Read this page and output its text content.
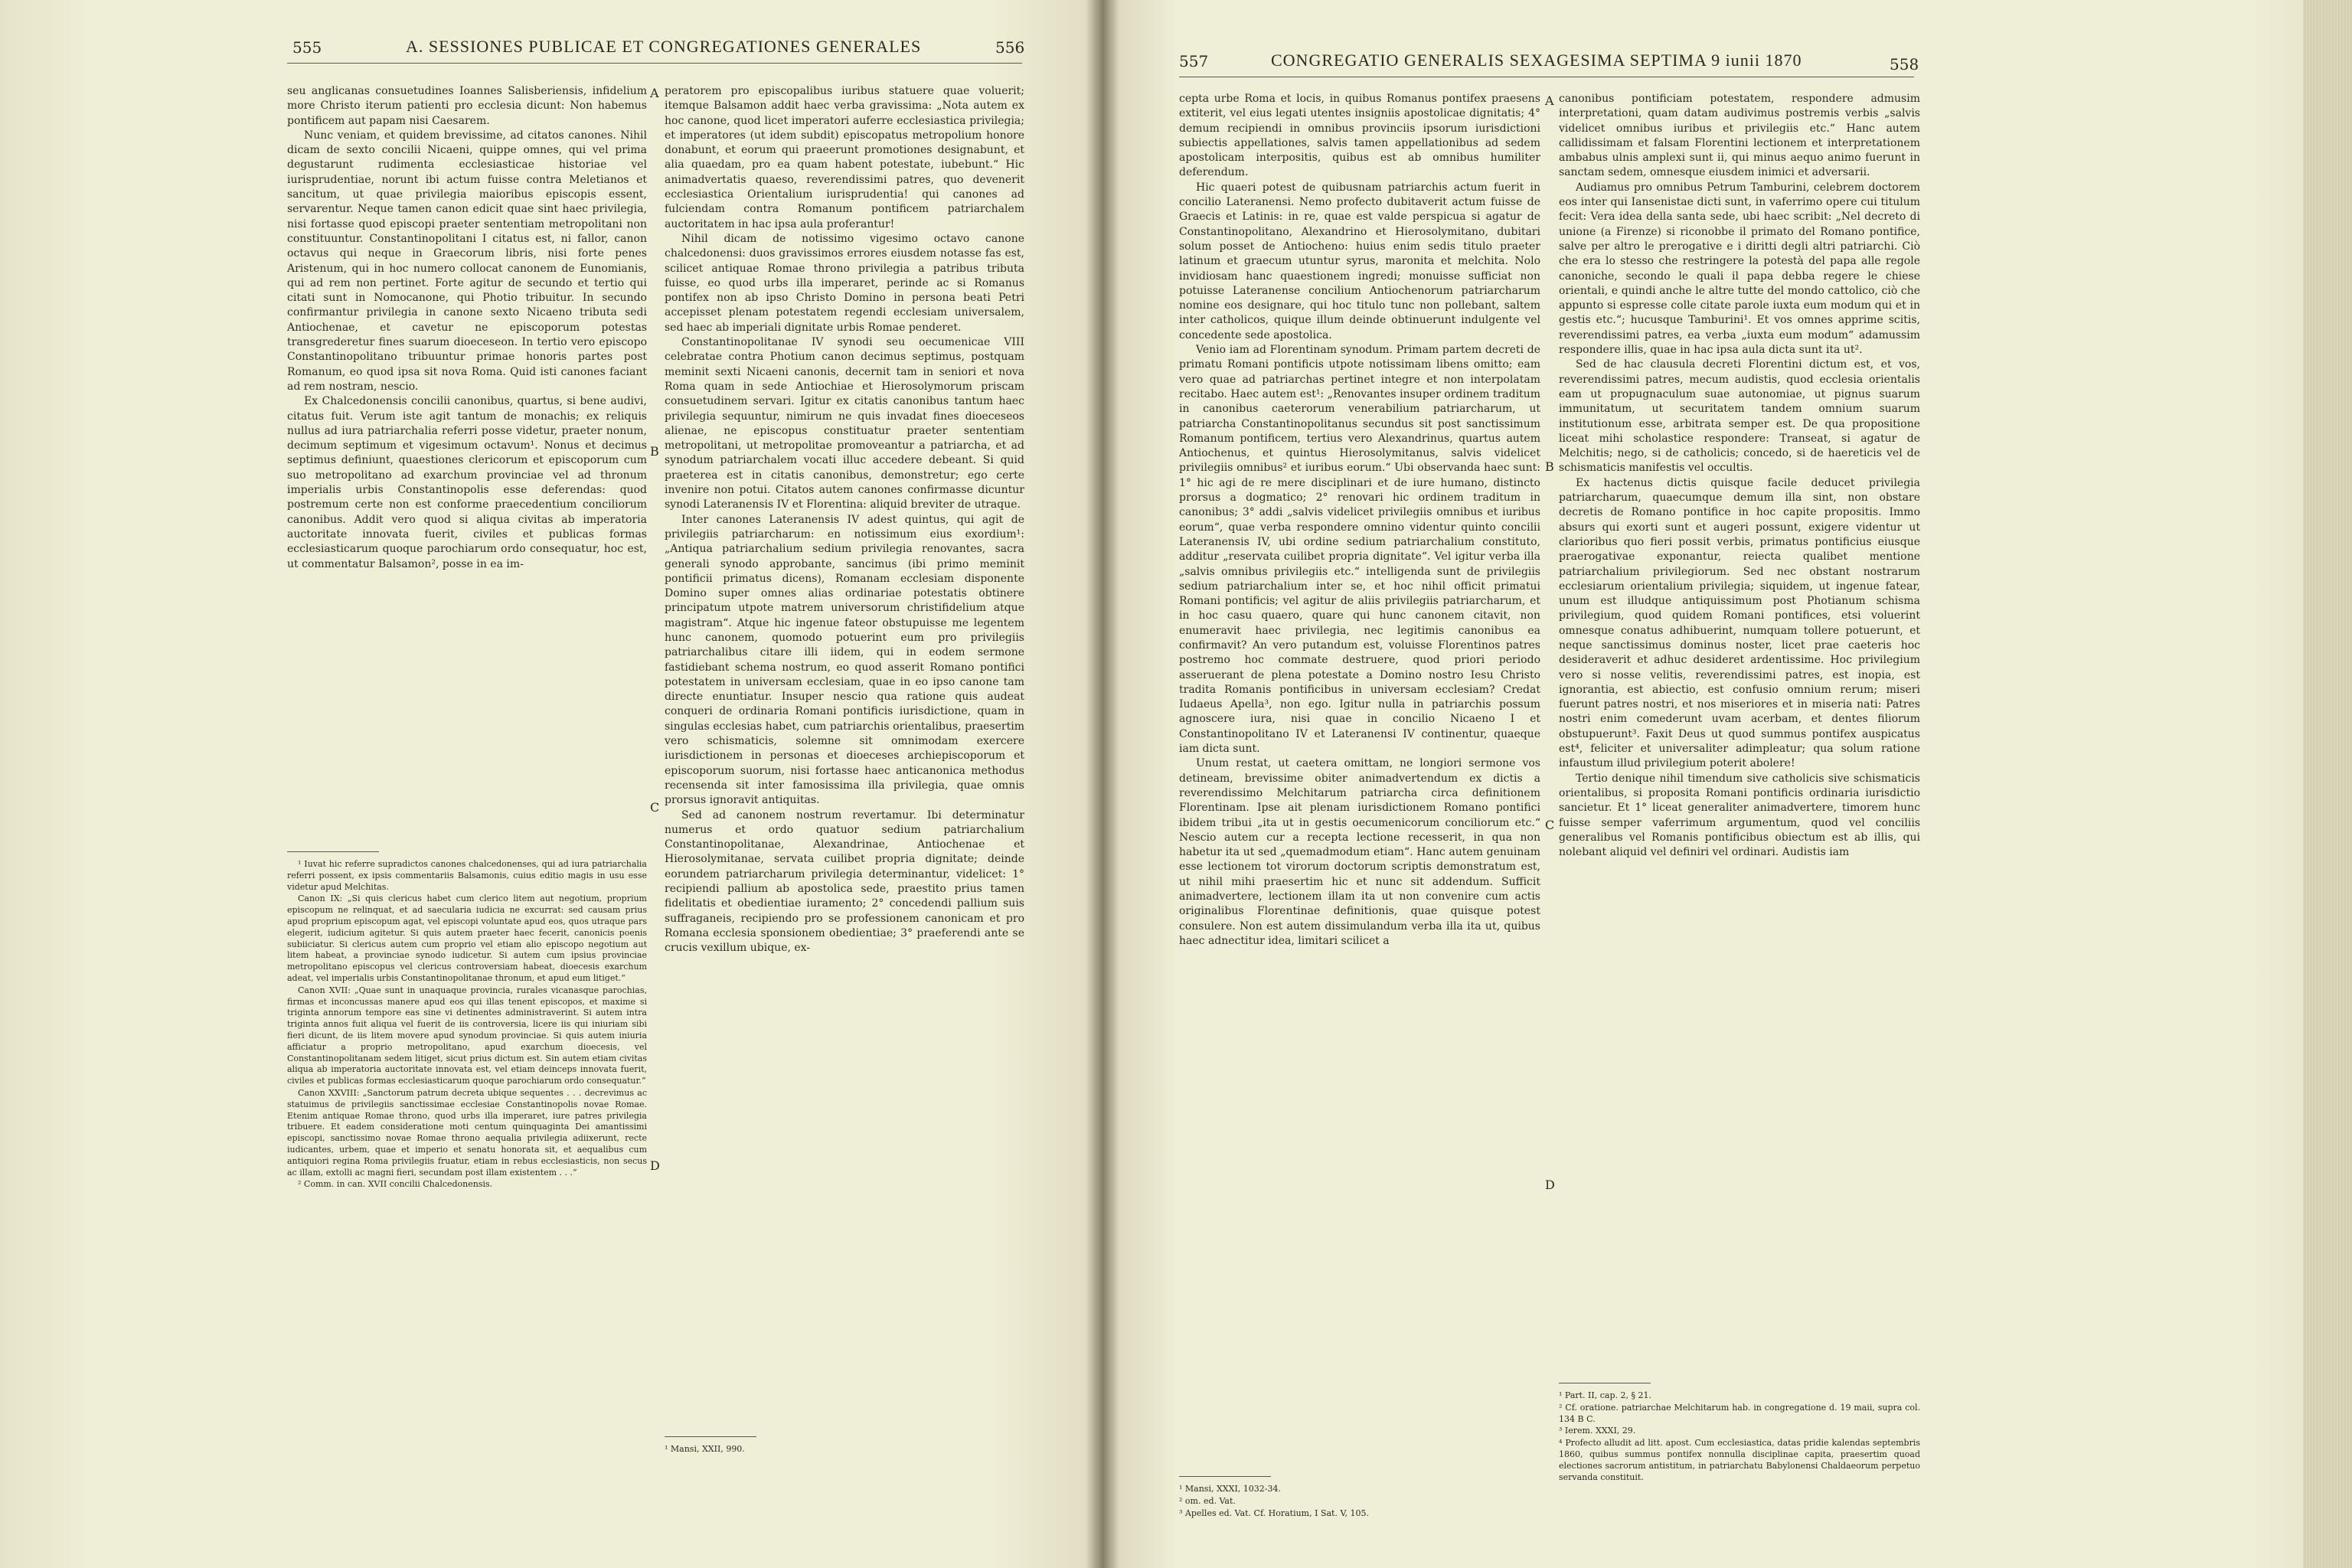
555	A. SESSIONES PUBLICAE ET CONGREGATIONES GENERALES	556

seu anglicanas consuetudines Ioannes Salisberiensis, infidelium more Christo iterum patienti pro ecclesia dicunt: Non habemus pontificem aut papam nisi Caesarem.

Nunc veniam, et quidem brevissime, ad citatos canones. Nihil dicam de sexto concilii Nicaeni, quippe omnes, qui vel prima degustarunt rudimenta ecclesiasticae historiae vel iurisprudentiae, norunt ibi actum fuisse contra Meletianos et sancitum, ut quae privilegia maioribus episcopis essent, servarentur. Neque tamen canon edicit quae sint haec privilegia, nisi fortasse quod episcopi praeter sententiam metropolitani non constituuntur. Constantinopolitani I citatus est, ni fallor, canon octavus qui neque in Graecorum libris, nisi forte penes Aristenum, qui in hoc numero collocat canonem de Eunomianis, qui ad rem non pertinet. Forte agitur de secundo et tertio qui citati sunt in Nomocanone, qui Photio tribuitur. In secundo confirmantur privilegia in canone sexto Nicaeno tributa sedi Antiochenae, et cavetur ne episcoporum potestas transgrederetur fines suarum dioeceseon. In tertio vero episcopo Constantinopolitano tribuuntur primae honoris partes post Romanum, eo quod ipsa sit nova Roma. Quid isti canones faciant ad rem nostram, nescio.

Ex Chalcedonensis concilii canonibus, quartus, si bene audivi, citatus fuit. Verum iste agit tantum de monachis; ex reliquis nullus ad iura patriarchalia referri posse videtur, praeter nonum, decimum septimum et vigesimum octavum¹. Nonus et decimus septimus definiunt, quaestiones clericorum et episcoporum cum suo metropolitano ad exarchum provinciae vel ad thronum imperialis urbis Constantinopolis esse deferendas: quod postremum certe non est conforme praecedentium conciliorum canonibus. Addit vero quod si aliqua civitas ab imperatoria auctoritate innovata fuerit, civiles et publicas formas ecclesiasticarum quoque parochiarum ordo consequatur, hoc est, ut commentatur Balsamon², posse in ea im-

¹ Iuvat hic referre supradictos canones chalcedonenses, qui ad iura patriarchalia referri possent, ex ipsis commentariis Balsamonis, cuius editio magis in usu esse videtur apud Melchitas.

Canon IX: „Si quis clericus habet cum clerico litem aut negotium, proprium episcopum ne relinquat, et ad saecularia iudicia ne excurrat: sed causam prius apud proprium episcopum agat, vel episcopi voluntate apud eos, quos utraque pars elegerit, iudicium agitetur. Si quis autem praeter haec fecerit, canonicis poenis subiiciatur. Si clericus autem cum proprio vel etiam alio episcopo negotium aut litem habeat, a provinciae synodo iudicetur. Si autem cum ipsius provinciae metropolitano episcopus vel clericus controversiam habeat, dioecesis exarchum adeat, vel imperialis urbis Constantinopolitanae thronum, et apud eum litiget.“

Canon XVII: „Quae sunt in unaquaque provincia, rurales vicanasque parochias, firmas et inconcussas manere apud eos qui illas tenent episcopos, et maxime si triginta annorum tempore eas sine vi detinentes administraverint. Si autem intra triginta annos fuit aliqua vel fuerit de iis controversia, licere iis qui iniuriam sibi fieri dicunt, de iis litem movere apud synodum provinciae. Si quis autem iniuria afficiatur a proprio metropolitano, apud exarchum dioecesis, vel Constantinopolitanam sedem litiget, sicut prius dictum est. Sin autem etiam civitas aliqua ab imperatoria auctoritate innovata est, vel etiam deinceps innovata fuerit, civiles et publicas formas ecclesiasticarum quoque parochiarum ordo consequatur.“

Canon XXVIII: „Sanctorum patrum decreta ubique sequentes . . . decrevimus ac statuimus de privilegiis sanctissimae ecclesiae Constantinopolis novae Romae. Etenim antiquae Romae throno, quod urbs illa imperaret, iure patres privilegia tribuere. Et eadem consideratione moti centum quinquaginta Dei amantissimi episcopi, sanctissimo novae Romae throno aequalia privilegia adiixerunt, recte iudicantes, urbem, quae et imperio et senatu honorata sit, et aequalibus cum antiquiori regina Roma privilegiis fruatur, etiam in rebus ecclesiasticis, non secus ac illam, extolli ac magni fieri, secundam post illam existentem . . .“

² Comm. in can. XVII concilii Chalcedonensis.

A
B
C
D

peratorem pro episcopalibus iuribus statuere quae voluerit; itemque Balsamon addit haec verba gravissima: „Nota autem ex hoc canone, quod licet imperatori auferre ecclesiastica privilegia; et imperatores (ut idem subdit) episcopatus metropolium honore donabunt, et eorum qui praeerunt promotiones designabunt, et alia quaedam, pro ea quam habent potestate, iubebunt.“ Hic animadvertatis quaeso, reverendissimi patres, quo devenerit ecclesiastica Orientalium iurisprudentia! qui canones ad fulciendam contra Romanum pontificem patriarchalem auctoritatem in hac ipsa aula proferantur!

Nihil dicam de notissimo vigesimo octavo canone chalcedonensi: duos gravissimos errores eiusdem notasse fas est, scilicet antiquae Romae throno privilegia a patribus tributa fuisse, eo quod urbs illa imperaret, perinde ac si Romanus pontifex non ab ipso Christo Domino in persona beati Petri accepisset plenam potestatem regendi ecclesiam universalem, sed haec ab imperiali dignitate urbis Romae penderet.

Constantinopolitanae IV synodi seu oecumenicae VIII celebratae contra Photium canon decimus septimus, postquam meminit sexti Nicaeni canonis, decernit tam in seniori et nova Roma quam in sede Antiochiae et Hierosolymorum priscam consuetudinem servari. Igitur ex citatis canonibus tantum haec privilegia sequuntur, nimirum ne quis invadat fines dioeceseos alienae, ne episcopus constituatur praeter sententiam metropolitani, ut metropolitae promoveantur a patriarcha, et ad synodum patriarchalem vocati illuc accedere debeant. Si quid praeterea est in citatis canonibus, demonstretur; ego certe invenire non potui. Citatos autem canones confirmasse dicuntur synodi Lateranensis IV et Florentina: aliquid breviter de utraque.

Inter canones Lateranensis IV adest quintus, qui agit de privilegiis patriarcharum: en notissimum eius exordium¹: „Antiqua patriarchalium sedium privilegia renovantes, sacra generali synodo approbante, sancimus (ibi primo meminit pontificii primatus dicens), Romanam ecclesiam disponente Domino super omnes alias ordinariae potestatis obtinere principatum utpote matrem universorum christifidelium atque magistram“. Atque hic ingenue fateor obstupuisse me legentem hunc canonem, quomodo potuerint eum pro privilegiis patriarchalibus citare illi iidem, qui in eodem sermone fastidiebant schema nostrum, eo quod asserit Romano pontifici potestatem in universam ecclesiam, quae in eo ipso canone tam directe enuntiatur. Insuper nescio qua ratione quis audeat conqueri de ordinaria Romani pontificis iurisdictione, quam in singulas ecclesias habet, cum patriarchis orientalibus, praesertim vero schismaticis, solemne sit omnimodam exercere iurisdictionem in personas et dioeceses archiepiscoporum et episcoporum suorum, nisi fortasse haec anticanonica methodus recensenda sit inter famosissima illa privilegia, quae omnis prorsus ignoravit antiquitas.

Sed ad canonem nostrum revertamur. Ibi determinatur numerus et ordo quatuor sedium patriarchalium Constantinopolitanae, Alexandrinae, Antiochenae et Hierosolymitanae, servata cuilibet propria dignitate; deinde eorundem patriarcharum privilegia determinantur, videlicet: 1° recipiendi pallium ab apostolica sede, praestito prius tamen fidelitatis et obedientiae iuramento; 2° concedendi pallium suis suffraganeis, recipiendo pro se professionem canonicam et pro Romana ecclesia sponsionem obedientiae; 3° praeferendi ante se crucis vexillum ubique, ex-

¹ Mansi, XXII, 990.

557	CONGREGATIO GENERALIS SEXAGESIMA SEPTIMA 9 iunii 1870	558

cepta urbe Roma et locis, in quibus Romanus pontifex praesens extiterit, vel eius legati utentes insigniis apostolicae dignitatis; 4° demum recipiendi in omnibus provinciis ipsorum iurisdictioni subiectis appellationes, salvis tamen appellationibus ad sedem apostolicam interpositis, quibus est ab omnibus humiliter deferendum.

Hic quaeri potest de quibusnam patriarchis actum fuerit in concilio Lateranensi. Nemo profecto dubitaverit actum fuisse de Graecis et Latinis: in re, quae est valde perspicua si agatur de Constantinopolitano, Alexandrino et Hierosolymitano, dubitari solum posset de Antiocheno: huius enim sedis titulo praeter latinum et graecum utuntur syrus, maronita et melchita. Nolo invidiosam hanc quaestionem ingredi; monuisse sufficiat non potuisse Lateranense concilium Antiochenorum patriarcharum nomine eos designare, qui hoc titulo tunc non pollebant, saltem inter catholicos, quique illum deinde obtinuerunt indulgente vel concedente sede apostolica.

Venio iam ad Florentinam synodum. Primam partem decreti de primatu Romani pontificis utpote notissimam libens omitto; eam vero quae ad patriarchas pertinet integre et non interpolatam recitabo. Haec autem est¹: „Renovantes insuper ordinem traditum in canonibus caeterorum venerabilium patriarcharum, ut patriarcha Constantinopolitanus secundus sit post sanctissimum Romanum pontificem, tertius vero Alexandrinus, quartus autem Antiochenus, et quintus Hierosolymitanus, salvis videlicet privilegiis omnibus² et iuribus eorum.“ Ubi observanda haec sunt: 1° hic agi de re mere disciplinari et de iure humano, distincto prorsus a dogmatico; 2° renovari hic ordinem traditum in canonibus; 3° addi „salvis videlicet privilegiis omnibus et iuribus eorum“, quae verba respondere omnino videntur quinto concilii Lateranensis IV, ubi ordine sedium patriarchalium constituto, additur „reservata cuilibet propria dignitate“. Vel igitur verba illa „salvis omnibus privilegiis etc.“ intelligenda sunt de privilegiis sedium patriarchalium inter se, et hoc nihil officit primatui Romani pontificis; vel agitur de aliis privilegiis patriarcharum, et in hoc casu quaero, quare qui hunc canonem citavit, non enumeravit haec privilegia, nec legitimis canonibus ea confirmavit? An vero putandum est, voluisse Florentinos patres postremo hoc commate destruere, quod priori periodo asseruerant de plena potestate a Domino nostro Iesu Christo tradita Romanis pontificibus in universam ecclesiam? Credat Iudaeus Apella³, non ego. Igitur nulla in patriarchis possum agnoscere iura, nisi quae in concilio Nicaeno I et Constantinopolitano IV et Lateranensi IV continentur, quaeque iam dicta sunt.

Unum restat, ut caetera omittam, ne longiori sermone vos detineam, brevissime obiter animadvertendum ex dictis a reverendissimo Melchitarum patriarcha circa definitionem Florentinam. Ipse ait plenam iurisdictionem Romano pontifici ibidem tribui „ita ut in gestis oecumenicorum conciliorum etc.“ Nescio autem cur a recepta lectione recesserit, in qua non habetur ita ut sed „quemadmodum etiam“. Hanc autem genuinam esse lectionem tot virorum doctorum scriptis demonstratum est, ut nihil mihi praesertim hic et nunc sit addendum. Sufficit animadvertere, lectionem illam ita ut non convenire cum actis originalibus Florentinae definitionis, quae quisque potest consulere. Non est autem dissimulandum verba illa ita ut, quibus haec adnectitur idea, limitari scilicet a

¹ Mansi, XXXI, 1032-34.

² om. ed. Vat.

³ Apelles ed. Vat. Cf. Horatium, I Sat. V, 105.

A
B
C
D

canonibus pontificiam potestatem, respondere admusim interpretationi, quam datam audivimus postremis verbis „salvis videlicet omnibus iuribus et privilegiis etc.“ Hanc autem callidissimam et falsam Florentini lectionem et interpretationem ambabus ulnis amplexi sunt ii, qui minus aequo animo fuerunt in sanctam sedem, omnesque eiusdem inimici et adversarii.

Audiamus pro omnibus Petrum Tamburini, celebrem doctorem eos inter qui Iansenistae dicti sunt, in vaferrimo opere cui titulum fecit: Vera idea della santa sede, ubi haec scribit: „Nel decreto di unione (a Firenze) si riconobbe il primato del Romano pontifice, salve per altro le prerogative e i diritti degli altri patriarchi. Ciò che era lo stesso che restringere la potestà del papa alle regole canoniche, secondo le quali il papa debba regere le chiese orientali, e quindi anche le altre tutte del mondo cattolico, ciò che appunto si espresse colle citate parole iuxta eum modum qui et in gestis etc.“; hucusque Tamburini¹. Et vos omnes apprime scitis, reverendissimi patres, ea verba „iuxta eum modum“ adamussim respondere illis, quae in hac ipsa aula dicta sunt ita ut².

Sed de hac clausula decreti Florentini dictum est, et vos, reverendissimi patres, mecum audistis, quod ecclesia orientalis eam ut propugnaculum suae autonomiae, ut pignus suarum immunitatum, ut securitatem tandem omnium suarum institutionum esse, arbitrata semper est. De qua propositione liceat mihi scholastice respondere: Transeat, si agatur de Melchitis; nego, si de catholicis; concedo, si de haereticis vel de schismaticis manifestis vel occultis.

Ex hactenus dictis quisque facile deducet privilegia patriarcharum, quaecumque demum illa sint, non obstare decretis de Romano pontifice in hoc capite propositis. Immo absurs qui exorti sunt et augeri possunt, exigere videntur ut clarioribus quo fieri possit verbis, primatus pontificius eiusque praerogativae exponantur, reiecta qualibet mentione patriarchalium privilegiorum. Sed nec obstant nostrarum ecclesiarum orientalium privilegia; siquidem, ut ingenue fatear, unum est illudque antiquissimum post Photianum schisma privilegium, quod quidem Romani pontifices, etsi voluerint omnesque conatus adhibuerint, numquam tollere potuerunt, et neque sanctissimus dominus noster, licet prae caeteris hoc desideraverit et adhuc desideret ardentissime. Hoc privilegium vero si nosse velitis, reverendissimi patres, est inopia, est ignorantia, est abiectio, est confusio omnium rerum; miseri fuerunt patres nostri, et nos miseriores et in miseria nati: Patres nostri enim comederunt uvam acerbam, et dentes filiorum obstupuerunt³. Faxit Deus ut quod summus pontifex auspicatus est⁴, feliciter et universaliter adimpleatur; qua solum ratione infaustum illud privilegium poterit abolere!

Tertio denique nihil timendum sive catholicis sive schismaticis orientalibus, si proposita Romani pontificis ordinaria iurisdictio sancietur. Et 1° liceat generaliter animadvertere, timorem hunc fuisse semper vaferrimum argumentum, quod vel conciliis generalibus vel Romanis pontificibus obiectum est ab illis, qui nolebant aliquid vel definiri vel ordinari. Audistis iam

¹ Part. II, cap. 2, § 21.

² Cf. oratione. patriarchae Melchitarum hab. in congregatione d. 19 maii, supra col. 134 B C.

³ Ierem. XXXI, 29.

⁴ Profecto alludit ad litt. apost. Cum ecclesiastica, datas pridie kalendas septembris 1860, quibus summus pontifex nonnulla disciplinae capita, praesertim quoad electiones sacrorum antistitum, in patriarchatu Babylonensi Chaldaeorum perpetuo servanda constituit.
